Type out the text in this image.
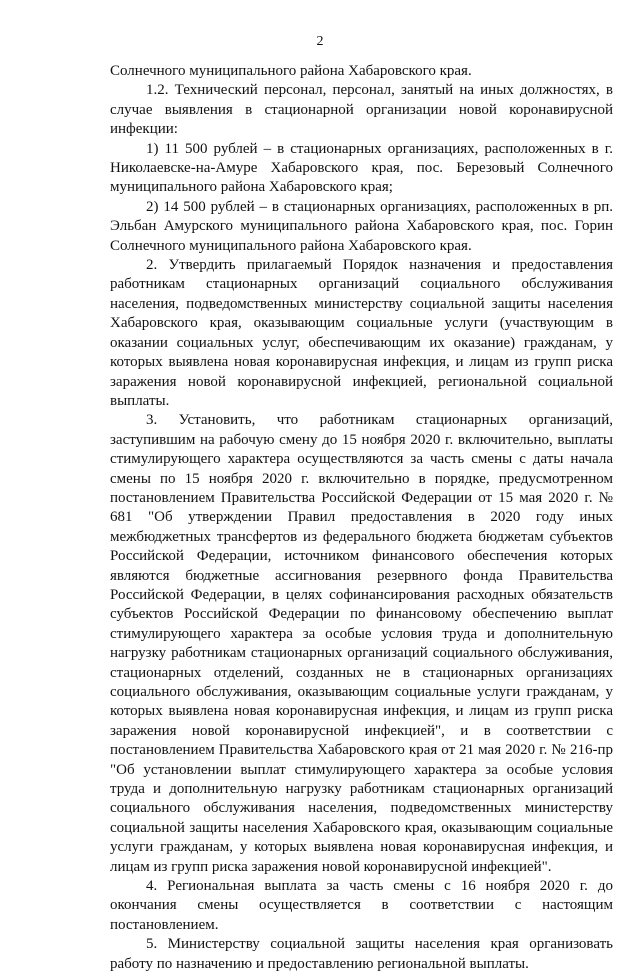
2

Солнечного муниципального района Хабаровского края.

1.2. Технический персонал, персонал, занятый на иных должностях, в случае выявления в стационарной организации новой коронавирусной инфекции:

1) 11 500 рублей – в стационарных организациях, расположенных в г. Николаевске-на-Амуре Хабаровского края, пос. Березовый Солнечного муниципального района Хабаровского края;

2) 14 500 рублей – в стационарных организациях, расположенных в рп. Эльбан Амурского муниципального района Хабаровского края, пос. Горин Солнечного муниципального района Хабаровского края.

2. Утвердить прилагаемый Порядок назначения и предоставления работникам стационарных организаций социального обслуживания населения, подведомственных министерству социальной защиты населения Хабаровского края, оказывающим социальные услуги (участвующим в оказании социальных услуг, обеспечивающим их оказание) гражданам, у которых выявлена новая коронавирусная инфекция, и лицам из групп риска заражения новой коронавирусной инфекцией, региональной социальной выплаты.

3. Установить, что работникам стационарных организаций, заступившим на рабочую смену до 15 ноября 2020 г. включительно, выплаты стимулирующего характера осуществляются за часть смены с даты начала смены по 15 ноября 2020 г. включительно в порядке, предусмотренном постановлением Правительства Российской Федерации от 15 мая 2020 г. № 681 "Об утверждении Правил предоставления в 2020 году иных межбюджетных трансфертов из федерального бюджета бюджетам субъектов Российской Федерации, источником финансового обеспечения которых являются бюджетные ассигнования резервного фонда Правительства Российской Федерации, в целях софинансирования расходных обязательств субъектов Российской Федерации по финансовому обеспечению выплат стимулирующего характера за особые условия труда и дополнительную нагрузку работникам стационарных организаций социального обслуживания, стационарных отделений, созданных не в стационарных организациях социального обслуживания, оказывающим социальные услуги гражданам, у которых выявлена новая коронавирусная инфекция, и лицам из групп риска заражения новой коронавирусной инфекцией", и в соответствии с постановлением Правительства Хабаровского края от 21 мая 2020 г. № 216-пр "Об установлении выплат стимулирующего характера за особые условия труда и дополнительную нагрузку работникам стационарных организаций социального обслуживания населения, подведомственных министерству социальной защиты населения Хабаровского края, оказывающим социальные услуги гражданам, у которых выявлена новая коронавирусная инфекция, и лицам из групп риска заражения новой коронавирусной инфекцией".

4. Региональная выплата за часть смены с 16 ноября 2020 г. до окончания смены осуществляется в соответствии с настоящим постановлением.

5. Министерству социальной защиты населения края организовать работу по назначению и предоставлению региональной выплаты.
